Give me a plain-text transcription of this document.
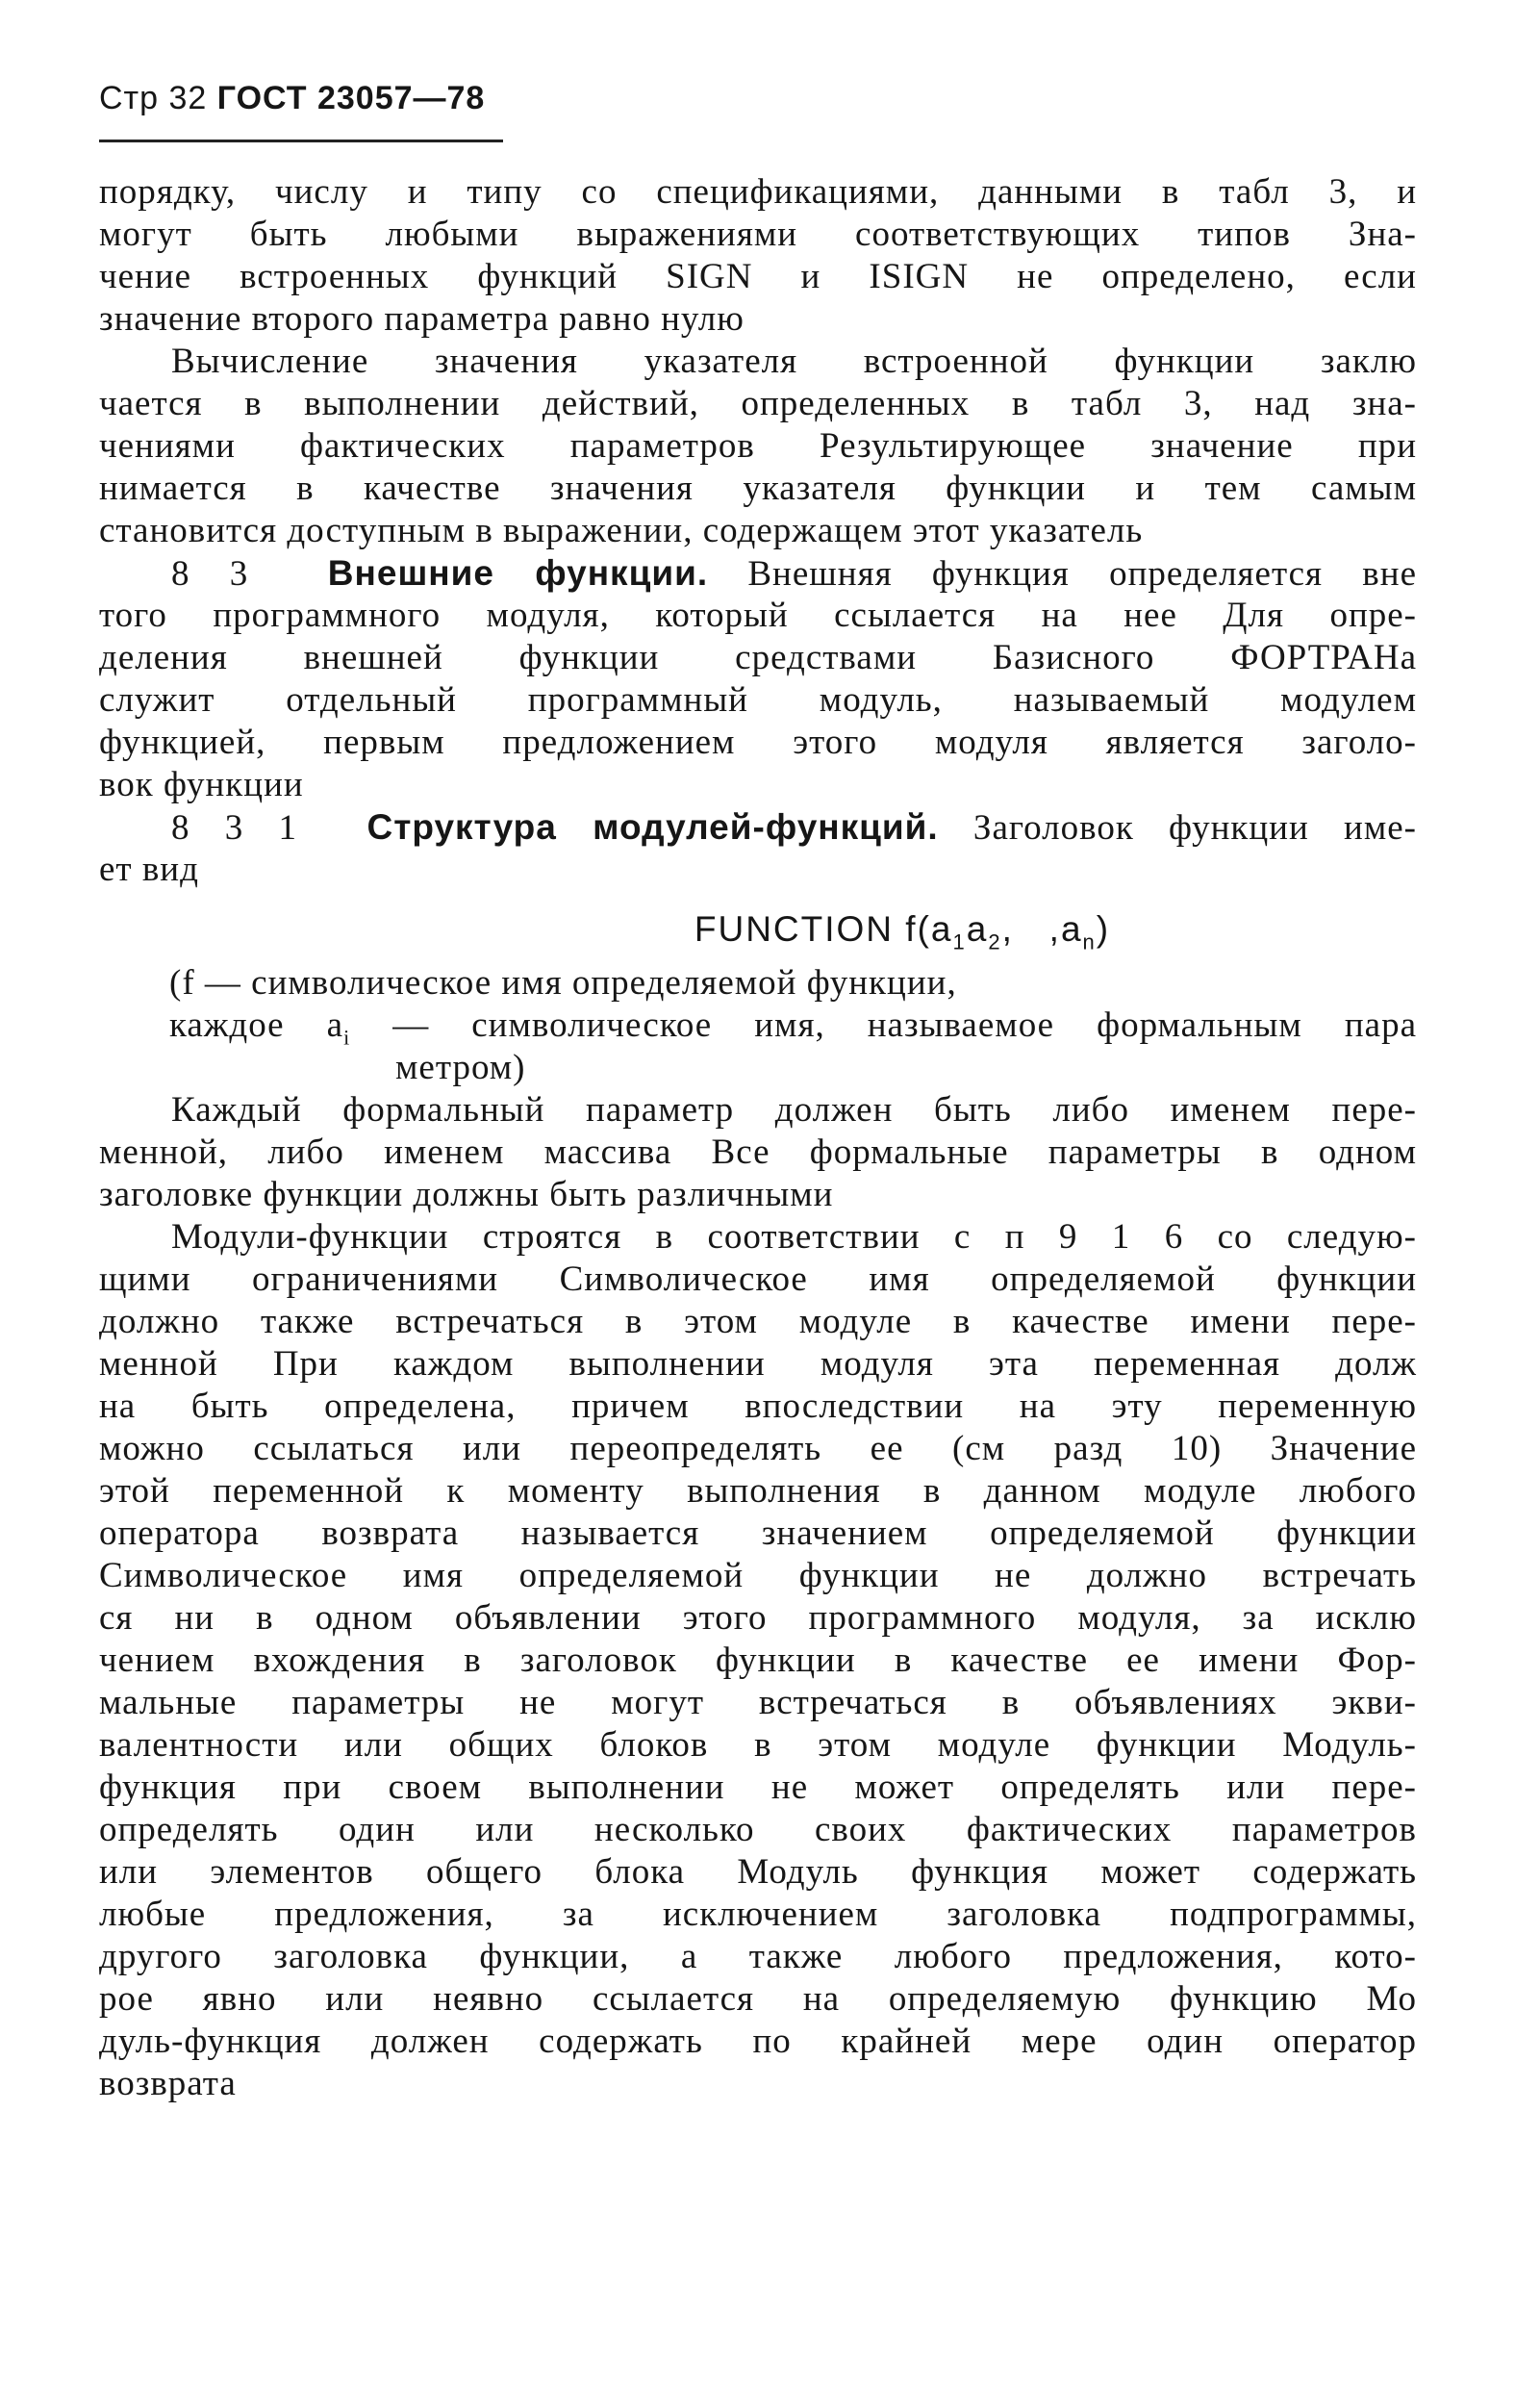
Стр 32 ГОСТ 23057—78
порядку, числу и типу со спецификациями, данными в табл 3, и
могут быть любыми выражениями соответствующих типов Зна-
чение встроенных функций SIGN и ISIGN не определено, если
значение второго параметра равно нулю
Вычисление значения указателя встроенной функции заклю
чается в выполнении действий, определенных в табл 3, над зна-
чениями фактических параметров Результирующее значение при
нимается в качестве значения указателя функции и тем самым
становится доступным в выражении, содержащем этот указатель
8 3 Внешние функции. Внешняя функция определяется вне
того программного модуля, который ссылается на нее Для опре-
деления внешней функции средствами Базисного ФОРТРАНа
служит отдельный программный модуль, называемый модулем
функцией, первым предложением этого модуля является заголо-
вок функции
8 3 1 Структура модулей-функций. Заголовок функции име-
ет вид
FUNCTION $f(a_1a_2$,   $,a_n$)
(f — символическое имя определяемой функции,
каждое $a_i$ — символическое имя, называемое формальным пара
метром)
Каждый формальный параметр должен быть либо именем пере-
менной, либо именем массива Все формальные параметры в одном
заголовке функции должны быть различными
Модули-функции строятся в соответствии с п 9 1 6 со следую-
щими ограничениями Символическое имя определяемой функции
должно также встречаться в этом модуле в качестве имени пере-
менной При каждом выполнении модуля эта переменная долж
на быть определена, причем впоследствии на эту переменную
можно ссылаться или переопределять ее (см разд 10) Значение
этой переменной к моменту выполнения в данном модуле любого
оператора возврата называется значением определяемой функции
Символическое имя определяемой функции не должно встречать
ся ни в одном объявлении этого программного модуля, за исклю
чением вхождения в заголовок функции в качестве ее имени Фор-
мальные параметры не могут встречаться в объявлениях экви-
валентности или общих блоков в этом модуле функции Модуль-
функция при своем выполнении не может определять или пере-
определять один или несколько своих фактических параметров
или элементов общего блока Модуль функция может содержать
любые предложения, за исключением заголовка подпрограммы,
другого заголовка функции, а также любого предложения, кото-
рое явно или неявно ссылается на определяемую функцию Мо
дуль-функция должен содержать по крайней мере один оператор
возврата
